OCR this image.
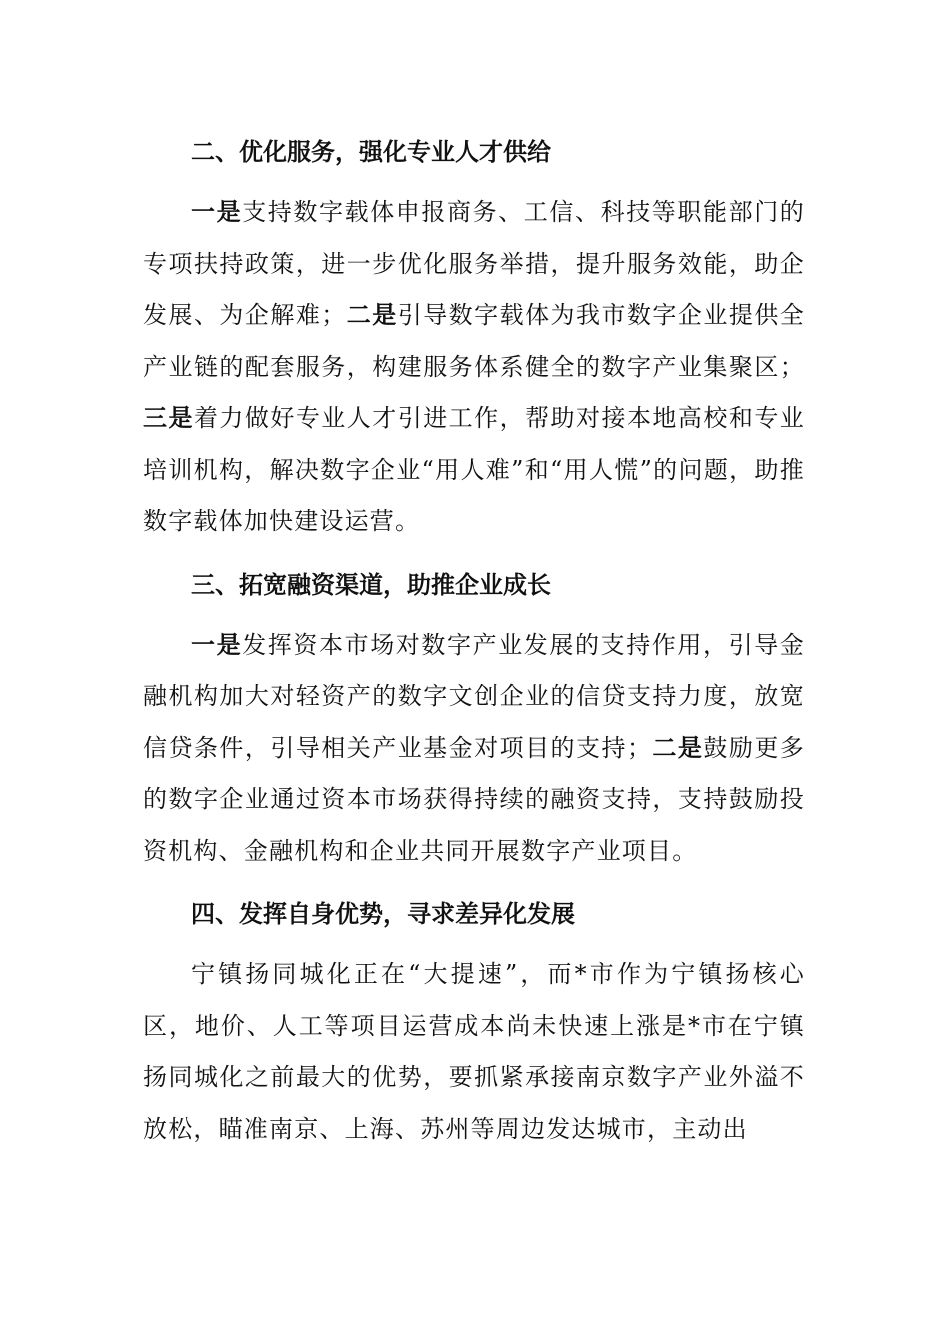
二、优化服务，强化专业人才供给

一是支持数字载体申报商务、工信、科技等职能部门的专项扶持政策，进一步优化服务举措，提升服务效能，助企发展、为企解难；二是引导数字载体为我市数字企业提供全产业链的配套服务，构建服务体系健全的数字产业集聚区；三是着力做好专业人才引进工作，帮助对接本地高校和专业培训机构，解决数字企业“用人难”和“用人慌”的问题，助推数字载体加快建设运营。

三、拓宽融资渠道，助推企业成长

一是发挥资本市场对数字产业发展的支持作用，引导金融机构加大对轻资产的数字文创企业的信贷支持力度，放宽信贷条件，引导相关产业基金对项目的支持；二是鼓励更多的数字企业通过资本市场获得持续的融资支持，支持鼓励投资机构、金融机构和企业共同开展数字产业项目。

四、发挥自身优势，寻求差异化发展

宁镇扬同城化正在“大提速”，而*市作为宁镇扬核心区，地价、人工等项目运营成本尚未快速上涨是*市在宁镇扬同城化之前最大的优势，要抓紧承接南京数字产业外溢不放松，瞄准南京、上海、苏州等周边发达城市，主动出
